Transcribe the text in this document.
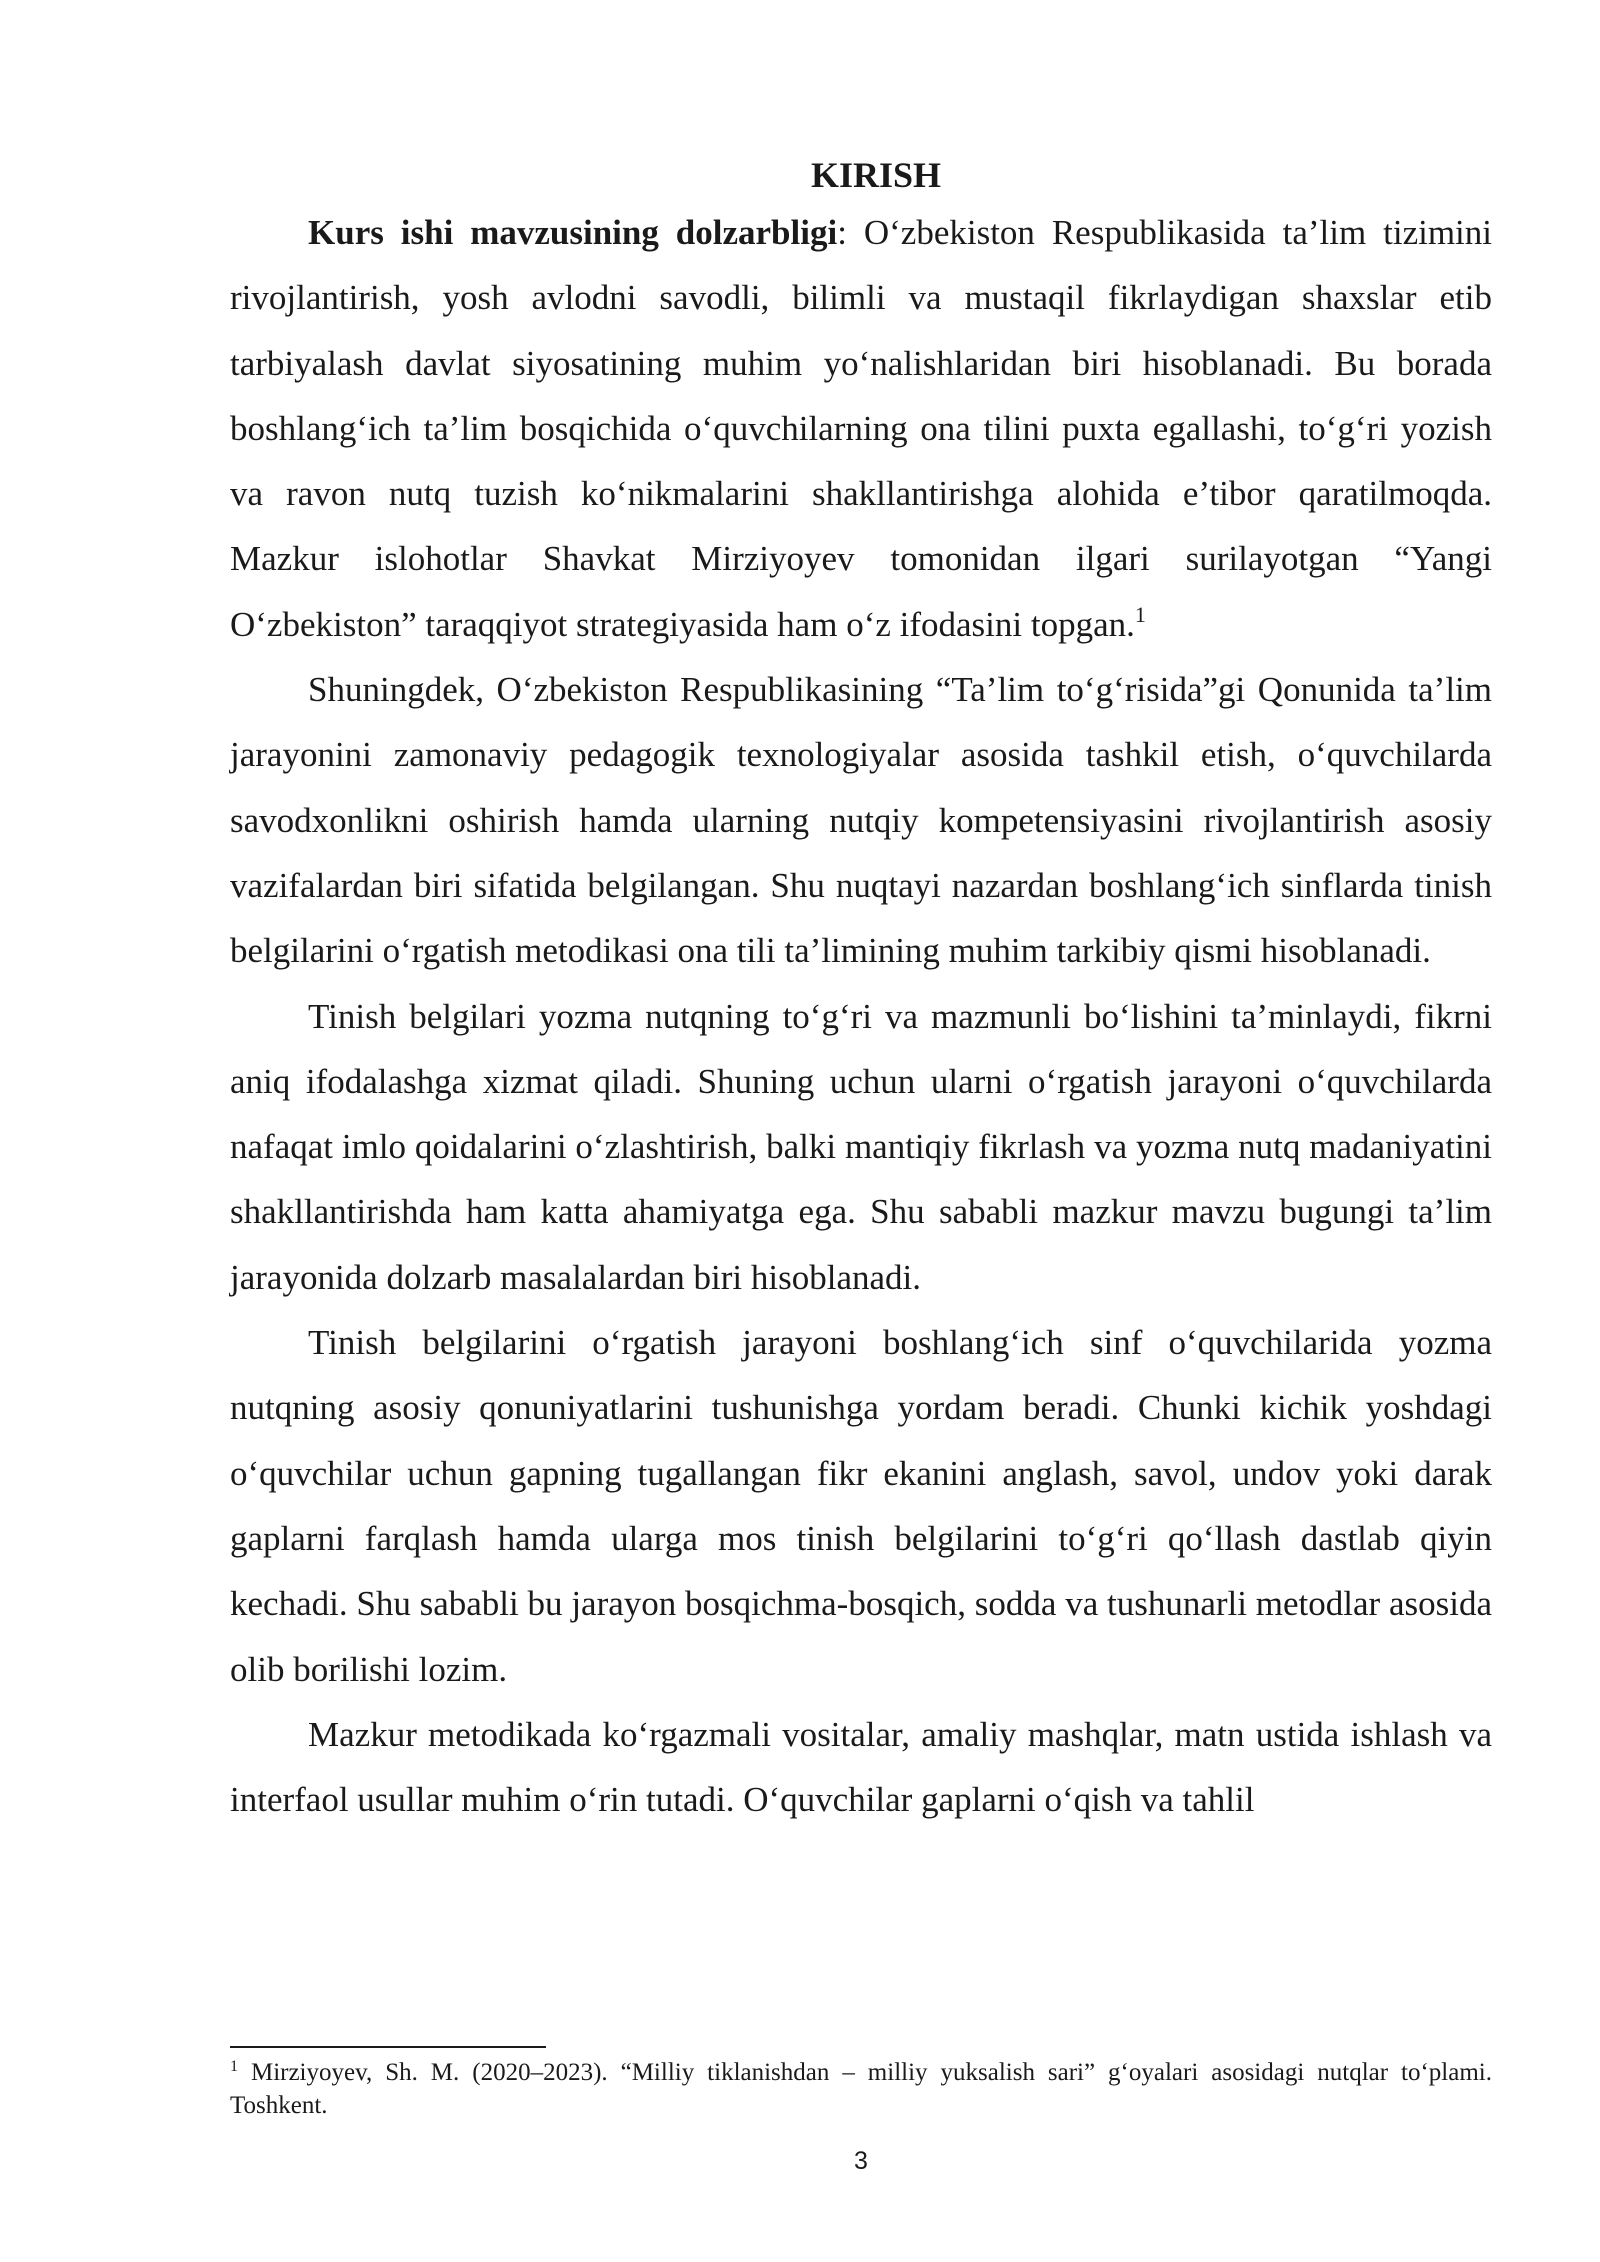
KIRISH

Kurs ishi mavzusining dolzarbligi: O‘zbekiston Respublikasida ta’lim tizimini rivojlantirish, yosh avlodni savodli, bilimli va mustaqil fikrlaydigan shaxslar etib tarbiyalash davlat siyosatining muhim yo‘nalishlaridan biri hisoblanadi. Bu borada boshlang‘ich ta’lim bosqichida o‘quvchilarning ona tilini puxta egallashi, to‘g‘ri yozish va ravon nutq tuzish ko‘nikmalarini shakllantirishga alohida e’tibor qaratilmoqda. Mazkur islohotlar Shavkat Mirziyoyev tomonidan ilgari surilayotgan “Yangi O‘zbekiston” taraqqiyot strategiyasida ham o‘z ifodasini topgan.$^1$

Shuningdek, O‘zbekiston Respublikasining “Ta’lim to‘g‘risida”gi Qonunida ta’lim jarayonini zamonaviy pedagogik texnologiyalar asosida tashkil etish, o‘quvchilarda savodxonlikni oshirish hamda ularning nutqiy kompetensiyasini rivojlantirish asosiy vazifalardan biri sifatida belgilangan. Shu nuqtayi nazardan boshlang‘ich sinflarda tinish belgilarini o‘rgatish metodikasi ona tili ta’limining muhim tarkibiy qismi hisoblanadi.

Tinish belgilari yozma nutqning to‘g‘ri va mazmunli bo‘lishini ta’minlaydi, fikrni aniq ifodalashga xizmat qiladi. Shuning uchun ularni o‘rgatish jarayoni o‘quvchilarda nafaqat imlo qoidalarini o‘zlashtirish, balki mantiqiy fikrlash va yozma nutq madaniyatini shakllantirishda ham katta ahamiyatga ega. Shu sababli mazkur mavzu bugungi ta’lim jarayonida dolzarb masalalardan biri hisoblanadi.

Tinish belgilarini o‘rgatish jarayoni boshlang‘ich sinf o‘quvchilarida yozma nutqning asosiy qonuniyatlarini tushunishga yordam beradi. Chunki kichik yoshdagi o‘quvchilar uchun gapning tugallangan fikr ekanini anglash, savol, undov yoki darak gaplarni farqlash hamda ularga mos tinish belgilarini to‘g‘ri qo‘llash dastlab qiyin kechadi. Shu sababli bu jarayon bosqichma-bosqich, sodda va tushunarli metodlar asosida olib borilishi lozim.

Mazkur metodikada ko‘rgazmali vositalar, amaliy mashqlar, matn ustida ishlash va interfaol usullar muhim o‘rin tutadi. O‘quvchilar gaplarni o‘qish va tahlil

$^1$ Mirziyoyev, Sh. M. (2020–2023). “Milliy tiklanishdan – milliy yuksalish sari” g‘oyalari asosidagi nutqlar to‘plami. Toshkent.

3
